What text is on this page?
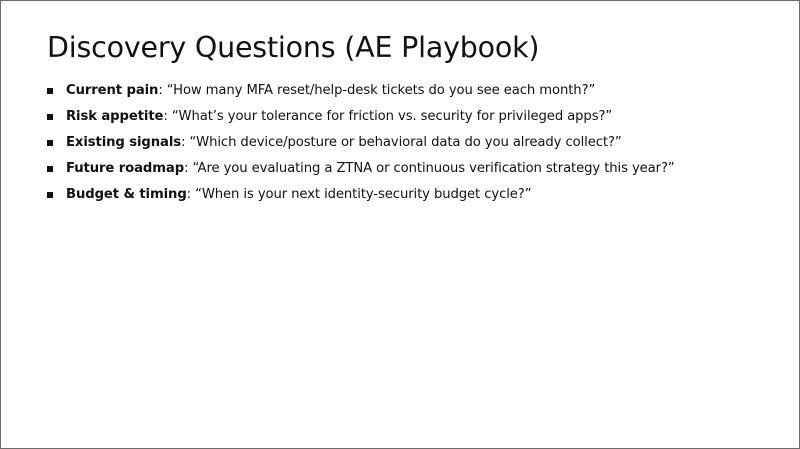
Discovery Questions (AE Playbook)
Current pain: “How many MFA reset/help-desk tickets do you see each month?”
Risk appetite: “What’s your tolerance for friction vs. security for privileged apps?”
Existing signals: “Which device/posture or behavioral data do you already collect?”
Future roadmap: “Are you evaluating a ZTNA or continuous verification strategy this year?”
Budget & timing: “When is your next identity-security budget cycle?”
